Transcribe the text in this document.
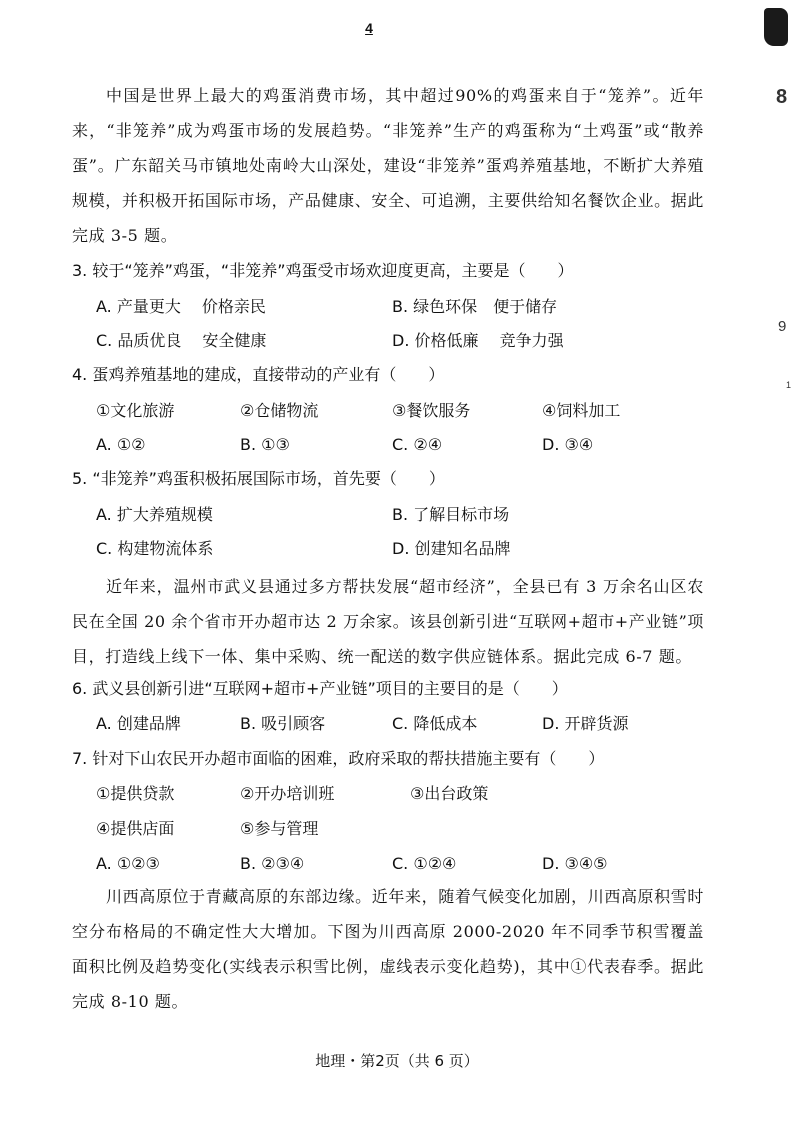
4
8
9
1

中国是世界上最大的鸡蛋消费市场，其中超过90%的鸡蛋来自于“笼养”。近年来，“非笼养”成为鸡蛋市场的发展趋势。“非笼养”生产的鸡蛋称为“土鸡蛋”或“散养蛋”。广东韶关马市镇地处南岭大山深处，建设“非笼养”蛋鸡养殖基地，不断扩大养殖规模，并积极开拓国际市场，产品健康、安全、可追溯，主要供给知名餐饮企业。据此完成 3-5 题。

3. 较于“笼养”鸡蛋，“非笼养”鸡蛋受市场欢迎度更高，主要是（　　）

A. 产量更大　 价格亲民	B. 绿色环保　便于储存
C. 品质优良　 安全健康	D. 价格低廉　 竞争力强

4. 蛋鸡养殖基地的建成，直接带动的产业有（　　）

①文化旅游	②仓储物流	③餐饮服务	④饲料加工
A. ①②	B. ①③	C. ②④	D. ③④

5. “非笼养”鸡蛋积极拓展国际市场，首先要（　　）

A. 扩大养殖规模	B. 了解目标市场
C. 构建物流体系	D. 创建知名品牌

近年来，温州市武义县通过多方帮扶发展“超市经济”，全县已有 3 万余名山区农民在全国 20 余个省市开办超市达 2 万余家。该县创新引进“互联网+超市+产业链”项目，打造线上线下一体、集中采购、统一配送的数字供应链体系。据此完成 6-7 题。

6. 武义县创新引进“互联网+超市+产业链”项目的主要目的是（　　）

A. 创建品牌	B. 吸引顾客	C. 降低成本	D. 开辟货源

7. 针对下山农民开办超市面临的困难，政府采取的帮扶措施主要有（　　）

①提供贷款	②开办培训班	③出台政策
④提供店面	⑤参与管理
A. ①②③	B. ②③④	C. ①②④	D. ③④⑤

川西高原位于青藏高原的东部边缘。近年来，随着气候变化加剧，川西高原积雪时空分布格局的不确定性大大增加。下图为川西高原 2000-2020 年不同季节积雪覆盖面积比例及趋势变化(实线表示积雪比例，虚线表示变化趋势)，其中①代表春季。据此完成 8-10 题。

地理・第2页（共 6 页）
